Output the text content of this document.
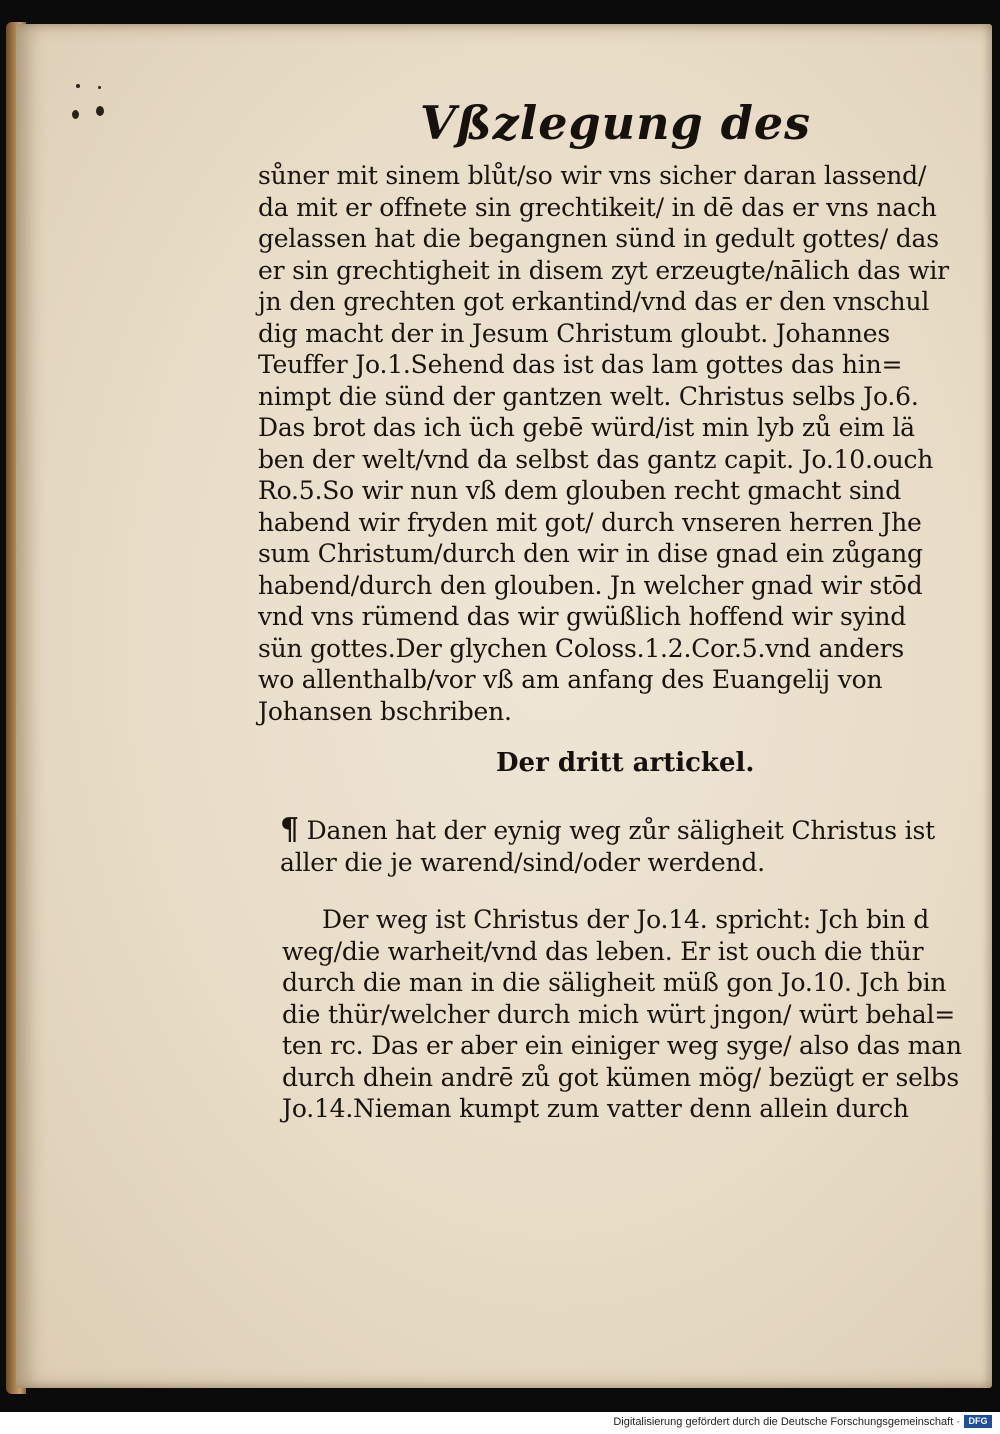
Vßzlegung des
sůner mit sinem blůt/so wir vns sicher daran lassend/
da mit er offnete sin grechtikeit/ in dē das er vns nach
gelassen hat die begangnen sünd in gedult gottes/ das
er sin grechtigheit in disem zyt erzeugte/nālich das wir
jn den grechten got erkantind/vnd das er den vnschul
dig macht der in Jesum Christum gloubt. Johannes
Teuffer Jo.1.Sehend das ist das lam gottes das hin=
nimpt die sünd der gantzen welt. Christus selbs Jo.6.
Das brot das ich üch gebē würd/ist min lyb zů eim lä
ben der welt/vnd da selbst das gantz capit. Jo.10.ouch
Ro.5.So wir nun vß dem glouben recht gmacht sind
habend wir fryden mit got/ durch vnseren herren Jhe
sum Christum/durch den wir in dise gnad ein zůgang
habend/durch den glouben. Jn welcher gnad wir stōd
vnd vns rümend das wir gwüßlich hoffend wir syind
sün gottes.Der glychen Coloss.1.2.Cor.5.vnd anders
wo allenthalb/vor vß am anfang des Euangelij von
Johansen bschriben.
Der dritt artickel.
¶ Danen hat der eynig weg zůr säligheit Christus ist
aller die je warend/sind/oder werdend.
Der weg ist Christus der Jo.14. spricht: Jch bin d
weg/die warheit/vnd das leben. Er ist ouch die thür
durch die man in die säligheit müß gon Jo.10. Jch bin
die thür/welcher durch mich würt jngon/ würt behal=
ten rc. Das er aber ein einiger weg syge/ also das man
durch dhein andrē zů got kümen mög/ bezügt er selbs
Jo.14.Nieman kumpt zum vatter denn allein durch
Digitalisierung gefördert durch die Deutsche Forschungsgemeinschaft · DFG
